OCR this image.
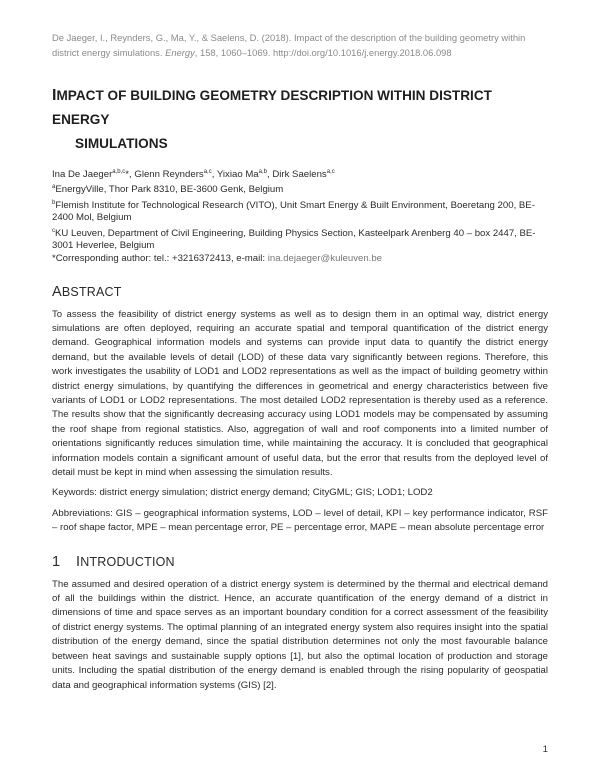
De Jaeger, I., Reynders, G., Ma, Y., & Saelens, D. (2018). Impact of the description of the building geometry within district energy simulations. Energy, 158, 1060–1069. http://doi.org/10.1016/j.energy.2018.06.098
IMPACT OF BUILDING GEOMETRY DESCRIPTION WITHIN DISTRICT ENERGY
SIMULATIONS

Ina De Jaeger$^{a,b,c}$*, Glenn Reynders$^{a,c}$, Yixiao Ma$^{a,b}$, Dirk Saelens$^{a,c}$

$^a$EnergyVille, Thor Park 8310, BE-3600 Genk, Belgium

$^b$Flemish Institute for Technological Research (VITO), Unit Smart Energy & Built Environment, Boeretang 200, BE-2400 Mol, Belgium

$^c$KU Leuven, Department of Civil Engineering, Building Physics Section, Kasteelpark Arenberg 40 – box 2447, BE-3001 Heverlee, Belgium

*Corresponding author: tel.: +3216372413, e-mail: ina.dejaeger@kuleuven.be

ABSTRACT

To assess the feasibility of district energy systems as well as to design them in an optimal way, district energy simulations are often deployed, requiring an accurate spatial and temporal quantification of the district energy demand. Geographical information models and systems can provide input data to quantify the district energy demand, but the available levels of detail (LOD) of these data vary significantly between regions. Therefore, this work investigates the usability of LOD1 and LOD2 representations as well as the impact of building geometry within district energy simulations, by quantifying the differences in geometrical and energy characteristics between five variants of LOD1 or LOD2 representations. The most detailed LOD2 representation is thereby used as a reference. The results show that the significantly decreasing accuracy using LOD1 models may be compensated by assuming the roof shape from regional statistics. Also, aggregation of wall and roof components into a limited number of orientations significantly reduces simulation time, while maintaining the accuracy. It is concluded that geographical information models contain a significant amount of useful data, but the error that results from the deployed level of detail must be kept in mind when assessing the simulation results.

Keywords: district energy simulation; district energy demand; CityGML; GIS; LOD1; LOD2

Abbreviations: GIS – geographical information systems, LOD – level of detail, KPI – key performance indicator, RSF – roof shape factor, MPE – mean percentage error, PE – percentage error, MAPE – mean absolute percentage error

1 INTRODUCTION

The assumed and desired operation of a district energy system is determined by the thermal and electrical demand of all the buildings within the district. Hence, an accurate quantification of the energy demand of a district in dimensions of time and space serves as an important boundary condition for a correct assessment of the feasibility of district energy systems. The optimal planning of an integrated energy system also requires insight into the spatial distribution of the energy demand, since the spatial distribution determines not only the most favourable balance between heat savings and sustainable supply options [1], but also the optimal location of production and storage units. Including the spatial distribution of the energy demand is enabled through the rising popularity of geospatial data and geographical information systems (GIS) [2].

1
